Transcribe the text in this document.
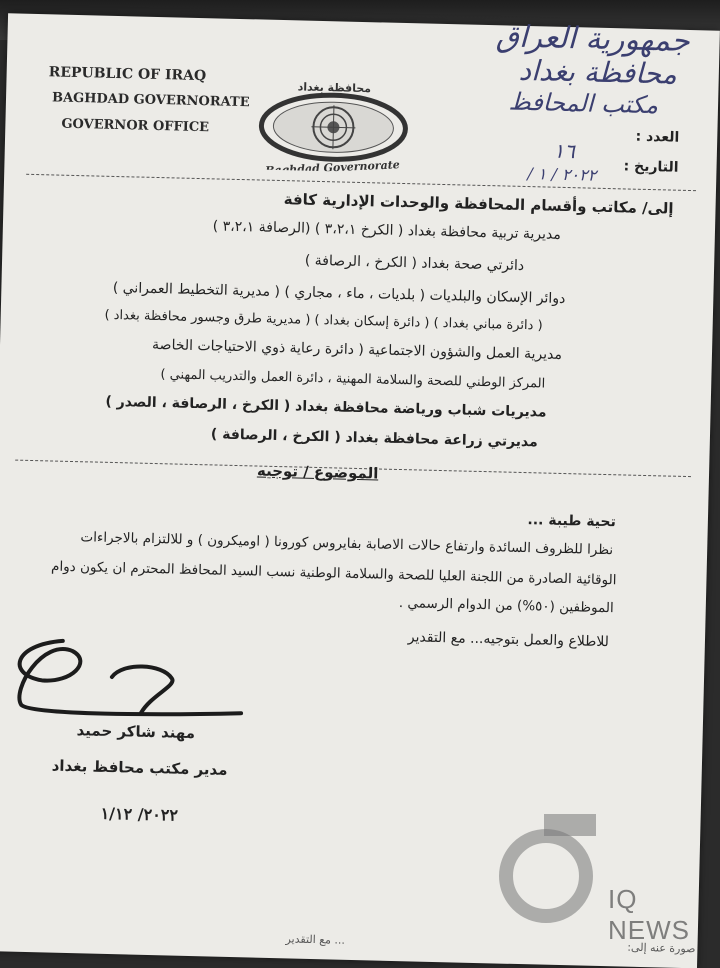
REPUBLIC OF IRAQ
BAGHDAD GOVERNORATE
GOVERNOR OFFICE
محافظة بغداد
Baghdad Governorate
جمهورية العراق
محافظة بغداد
مكتب المحافظ
العدد :
١٦
التاريخ :
٢٠٢٢ / ١ /
إلى/ مكاتب وأقسام المحافظة والوحدات الإدارية كافة
مديرية تربية محافظة بغداد ( الكرخ ٣،٢،١ ) (الرصافة ٣،٢،١ )
دائرتي صحة بغداد ( الكرخ ، الرصافة )
دوائر الإسكان والبلديات ( بلديات ، ماء ، مجاري ) ( مديرية التخطيط العمراني )
( دائرة مباني بغداد ) ( دائرة إسكان بغداد ) ( مديرية طرق وجسور محافظة بغداد )
مديرية العمل والشؤون الاجتماعية ( دائرة رعاية ذوي الاحتياجات الخاصة
المركز الوطني للصحة والسلامة المهنية ، دائرة العمل والتدريب المهني )
مديريات شباب ورياضة محافظة بغداد ( الكرخ ، الرصافة ، الصدر )
مديرتي زراعة محافظة بغداد ( الكرخ ، الرصافة )
الموضوع / توجيه
تحية طيبة ...
نظرا للظروف السائدة وارتفاع حالات الاصابة بفايروس كورونا ( اوميكرون ) و للالتزام بالاجراءات
الوقائية الصادرة من اللجنة العليا للصحة والسلامة الوطنية نسب السيد المحافظ المحترم ان يكون دوام
الموظفين (٥٠%) من الدوام الرسمي .
للاطلاع والعمل بتوجيه... مع التقدير
مهند شاكر حميد
مدير مكتب محافظ بغداد
٢٠٢٢/ ١/١٢
... مع التقدير
صورة عنه إلى:
IQ NEWS
